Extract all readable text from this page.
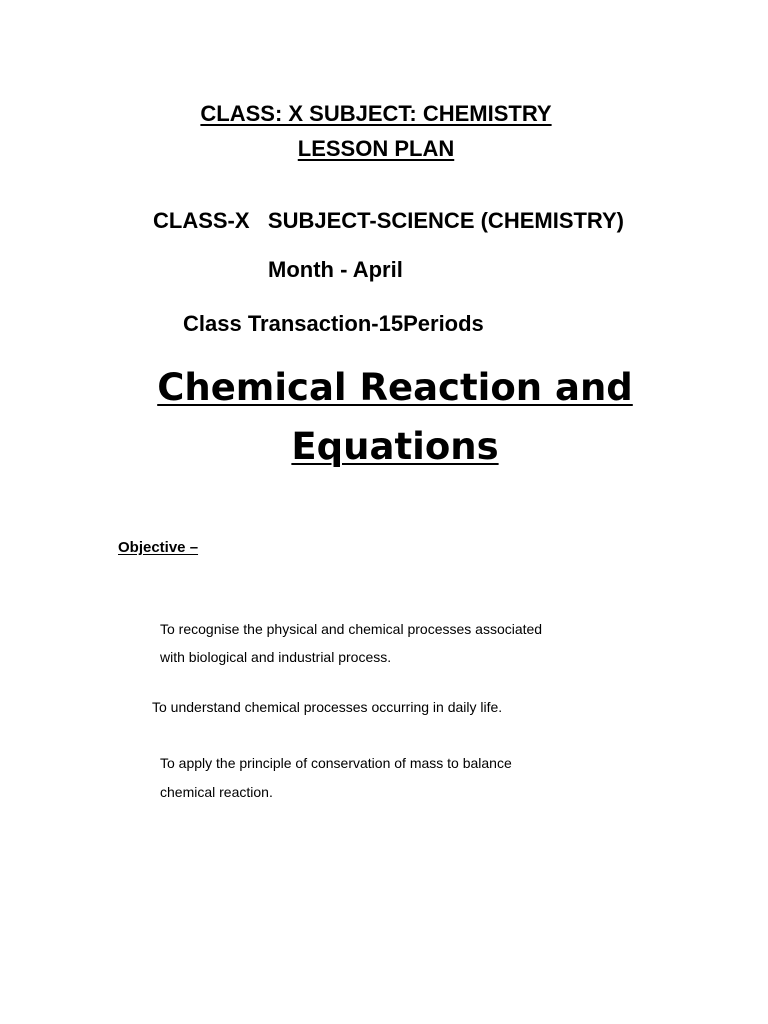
CLASS: X SUBJECT: CHEMISTRY

LESSON PLAN

CLASS-X   SUBJECT-SCIENCE (CHEMISTRY)

Month - April

Class Transaction-15Periods

Chemical Reaction and
Equations

Objective –

To recognise the physical and chemical processes associated

with biological and industrial process.

To understand chemical processes occurring in daily life.

To apply the principle of conservation of mass to balance

chemical reaction.
